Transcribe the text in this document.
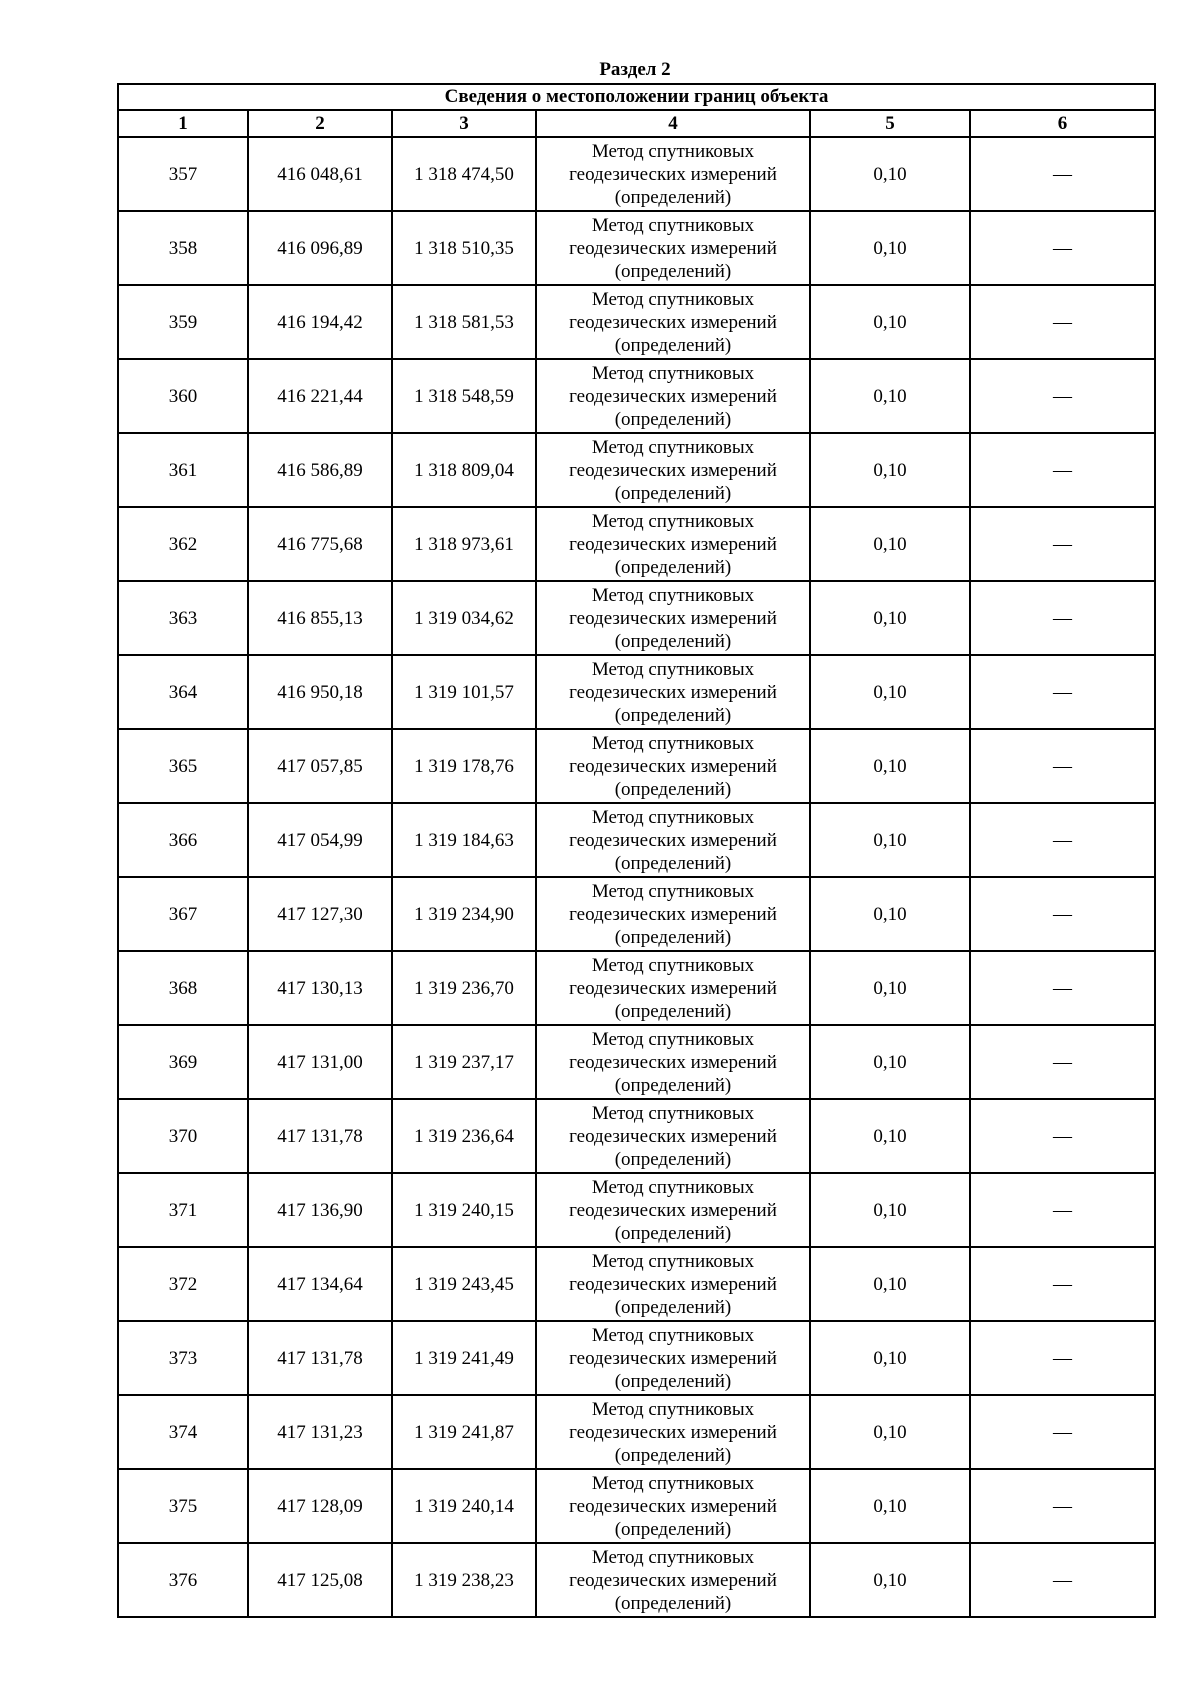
Раздел 2
Сведения о местоположении границ объекта					
1	2	3	4	5	6
357	416 048,61	1 318 474,50	Метод спутниковых геодезических измерений (определений)	0,10	—
358	416 096,89	1 318 510,35	Метод спутниковых геодезических измерений (определений)	0,10	—
359	416 194,42	1 318 581,53	Метод спутниковых геодезических измерений (определений)	0,10	—
360	416 221,44	1 318 548,59	Метод спутниковых геодезических измерений (определений)	0,10	—
361	416 586,89	1 318 809,04	Метод спутниковых геодезических измерений (определений)	0,10	—
362	416 775,68	1 318 973,61	Метод спутниковых геодезических измерений (определений)	0,10	—
363	416 855,13	1 319 034,62	Метод спутниковых геодезических измерений (определений)	0,10	—
364	416 950,18	1 319 101,57	Метод спутниковых геодезических измерений (определений)	0,10	—
365	417 057,85	1 319 178,76	Метод спутниковых геодезических измерений (определений)	0,10	—
366	417 054,99	1 319 184,63	Метод спутниковых геодезических измерений (определений)	0,10	—
367	417 127,30	1 319 234,90	Метод спутниковых геодезических измерений (определений)	0,10	—
368	417 130,13	1 319 236,70	Метод спутниковых геодезических измерений (определений)	0,10	—
369	417 131,00	1 319 237,17	Метод спутниковых геодезических измерений (определений)	0,10	—
370	417 131,78	1 319 236,64	Метод спутниковых геодезических измерений (определений)	0,10	—
371	417 136,90	1 319 240,15	Метод спутниковых геодезических измерений (определений)	0,10	—
372	417 134,64	1 319 243,45	Метод спутниковых геодезических измерений (определений)	0,10	—
373	417 131,78	1 319 241,49	Метод спутниковых геодезических измерений (определений)	0,10	—
374	417 131,23	1 319 241,87	Метод спутниковых геодезических измерений (определений)	0,10	—
375	417 128,09	1 319 240,14	Метод спутниковых геодезических измерений (определений)	0,10	—
376	417 125,08	1 319 238,23	Метод спутниковых геодезических измерений (определений)	0,10	—
